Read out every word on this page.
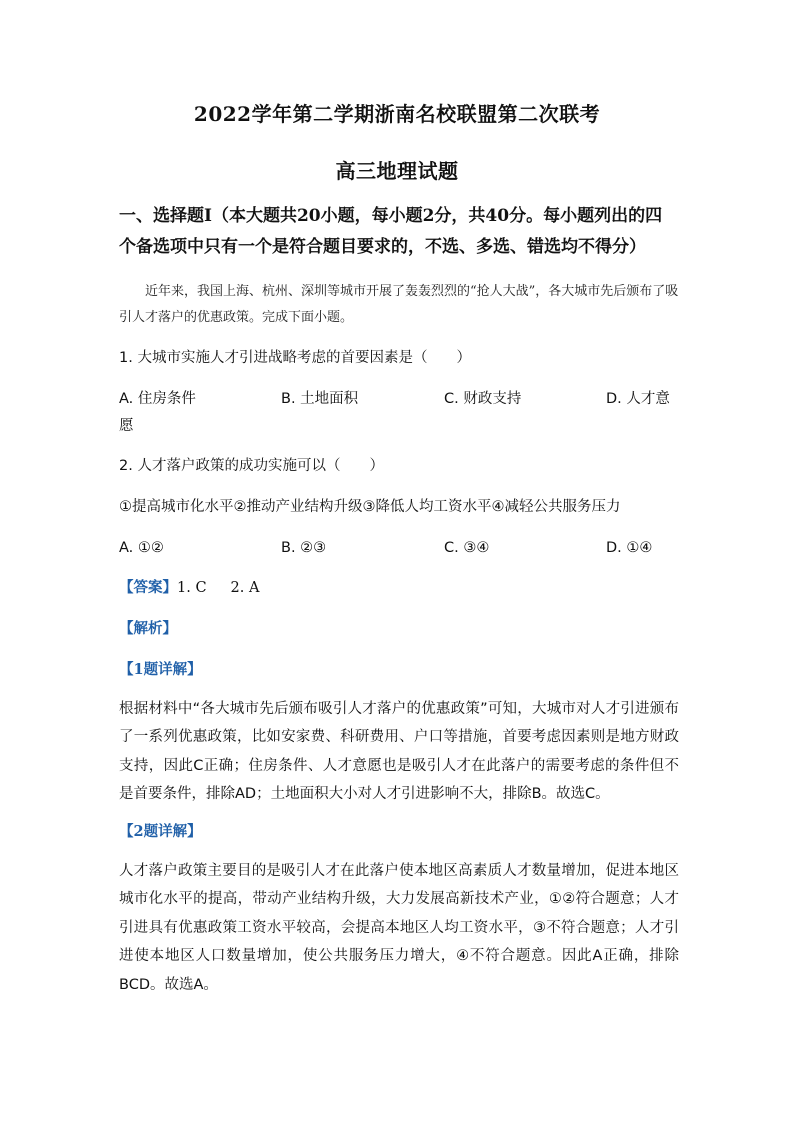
2022学年第二学期浙南名校联盟第二次联考
高三地理试题
一、选择题Ⅰ（本大题共20小题，每小题2分，共40分。每小题列出的四个备选项中只有一个是符合题目要求的，不选、多选、错选均不得分）
近年来，我国上海、杭州、深圳等城市开展了轰轰烈烈的“抢人大战”，各大城市先后颁布了吸引人才落户的优惠政策。完成下面小题。
1. 大城市实施人才引进战略考虑的首要因素是（　　）
A. 住房条件	B. 土地面积	C. 财政支持	D. 人才意
愿
2. 人才落户政策的成功实施可以（　　）
①提高城市化水平②推动产业结构升级③降低人均工资水平④减轻公共服务压力
A. ①②	B. ②③	C. ③④	D. ①④
【答案】1. C 2. A
【解析】
【1题详解】
根据材料中“各大城市先后颁布吸引人才落户的优惠政策”可知，大城市对人才引进颁布了一系列优惠政策，比如安家费、科研费用、户口等措施，首要考虑因素则是地方财政支持，因此C正确；住房条件、人才意愿也是吸引人才在此落户的需要考虑的条件但不是首要条件，排除AD；土地面积大小对人才引进影响不大，排除B。故选C。
【2题详解】
人才落户政策主要目的是吸引人才在此落户使本地区高素质人才数量增加，促进本地区城市化水平的提高，带动产业结构升级，大力发展高新技术产业，①②符合题意；人才引进具有优惠政策工资水平较高，会提高本地区人均工资水平，③不符合题意；人才引进使本地区人口数量增加，使公共服务压力增大，④不符合题意。因此A正确，排除BCD。故选A。
